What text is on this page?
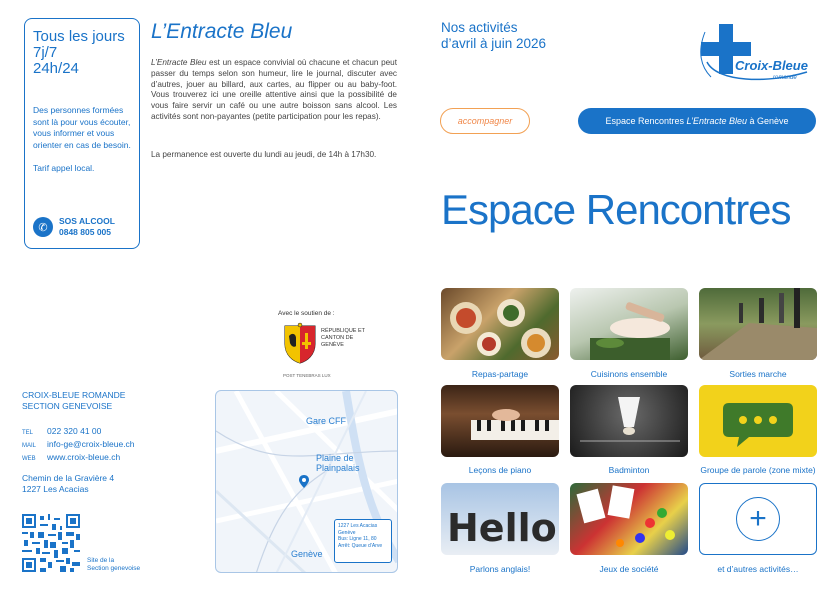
Tous les jours
7j/7
24h/24
Des personnes formées sont là pour vous écouter, vous informer et vous orienter en cas de besoin.
Tarif appel local.
✆
SOS ALCOOL
0848 805 005
CROIX-BLEUE ROMANDE
SECTION GENEVOISE
TEL	022 320 41 00
MAIL	info-ge@croix-bleue.ch
WEB	www.croix-bleue.ch
Chemin de la Gravière 4
1227 Les Acacias
Site de la
Section genevoise
L’Entracte Bleu
L’Entracte Bleu est un espace convivial où chacune et chacun peut passer du temps selon son humeur, lire le journal, discuter avec d’autres, jouer au billard, aux cartes, au flipper ou au baby-foot. Vous trouverez ici une oreille attentive ainsi que la possibilité de vous faire servir un café ou une autre boisson sans alcool. Les activités sont non-payantes (petite participation pour les repas).
La permanence est ouverte du lundi au jeudi, de 14h à 17h30.
Avec le soutien de :
RÉPUBLIQUE ET CANTON DE GENÈVE
POST TENEBRAS LUX
Gare CFF
Plaine de Plainpalais
Genève
1227 Les Acacias
Genève
Bus: Ligne 11, 80
Arrêt: Queue d’Arve
Nos activités
d’avril à juin 2026
Croix-Bleue
romande
accompagner	Espace Rencontres L’Entracte Bleu à Genève
Espace Rencontres
Repas-partage	Cuisinons ensemble	Sorties marche
Leçons de piano	Badminton	Groupe de parole (zone mixte)
Hello
Parlons anglais!	Jeux de société
+
et d’autres activités…
